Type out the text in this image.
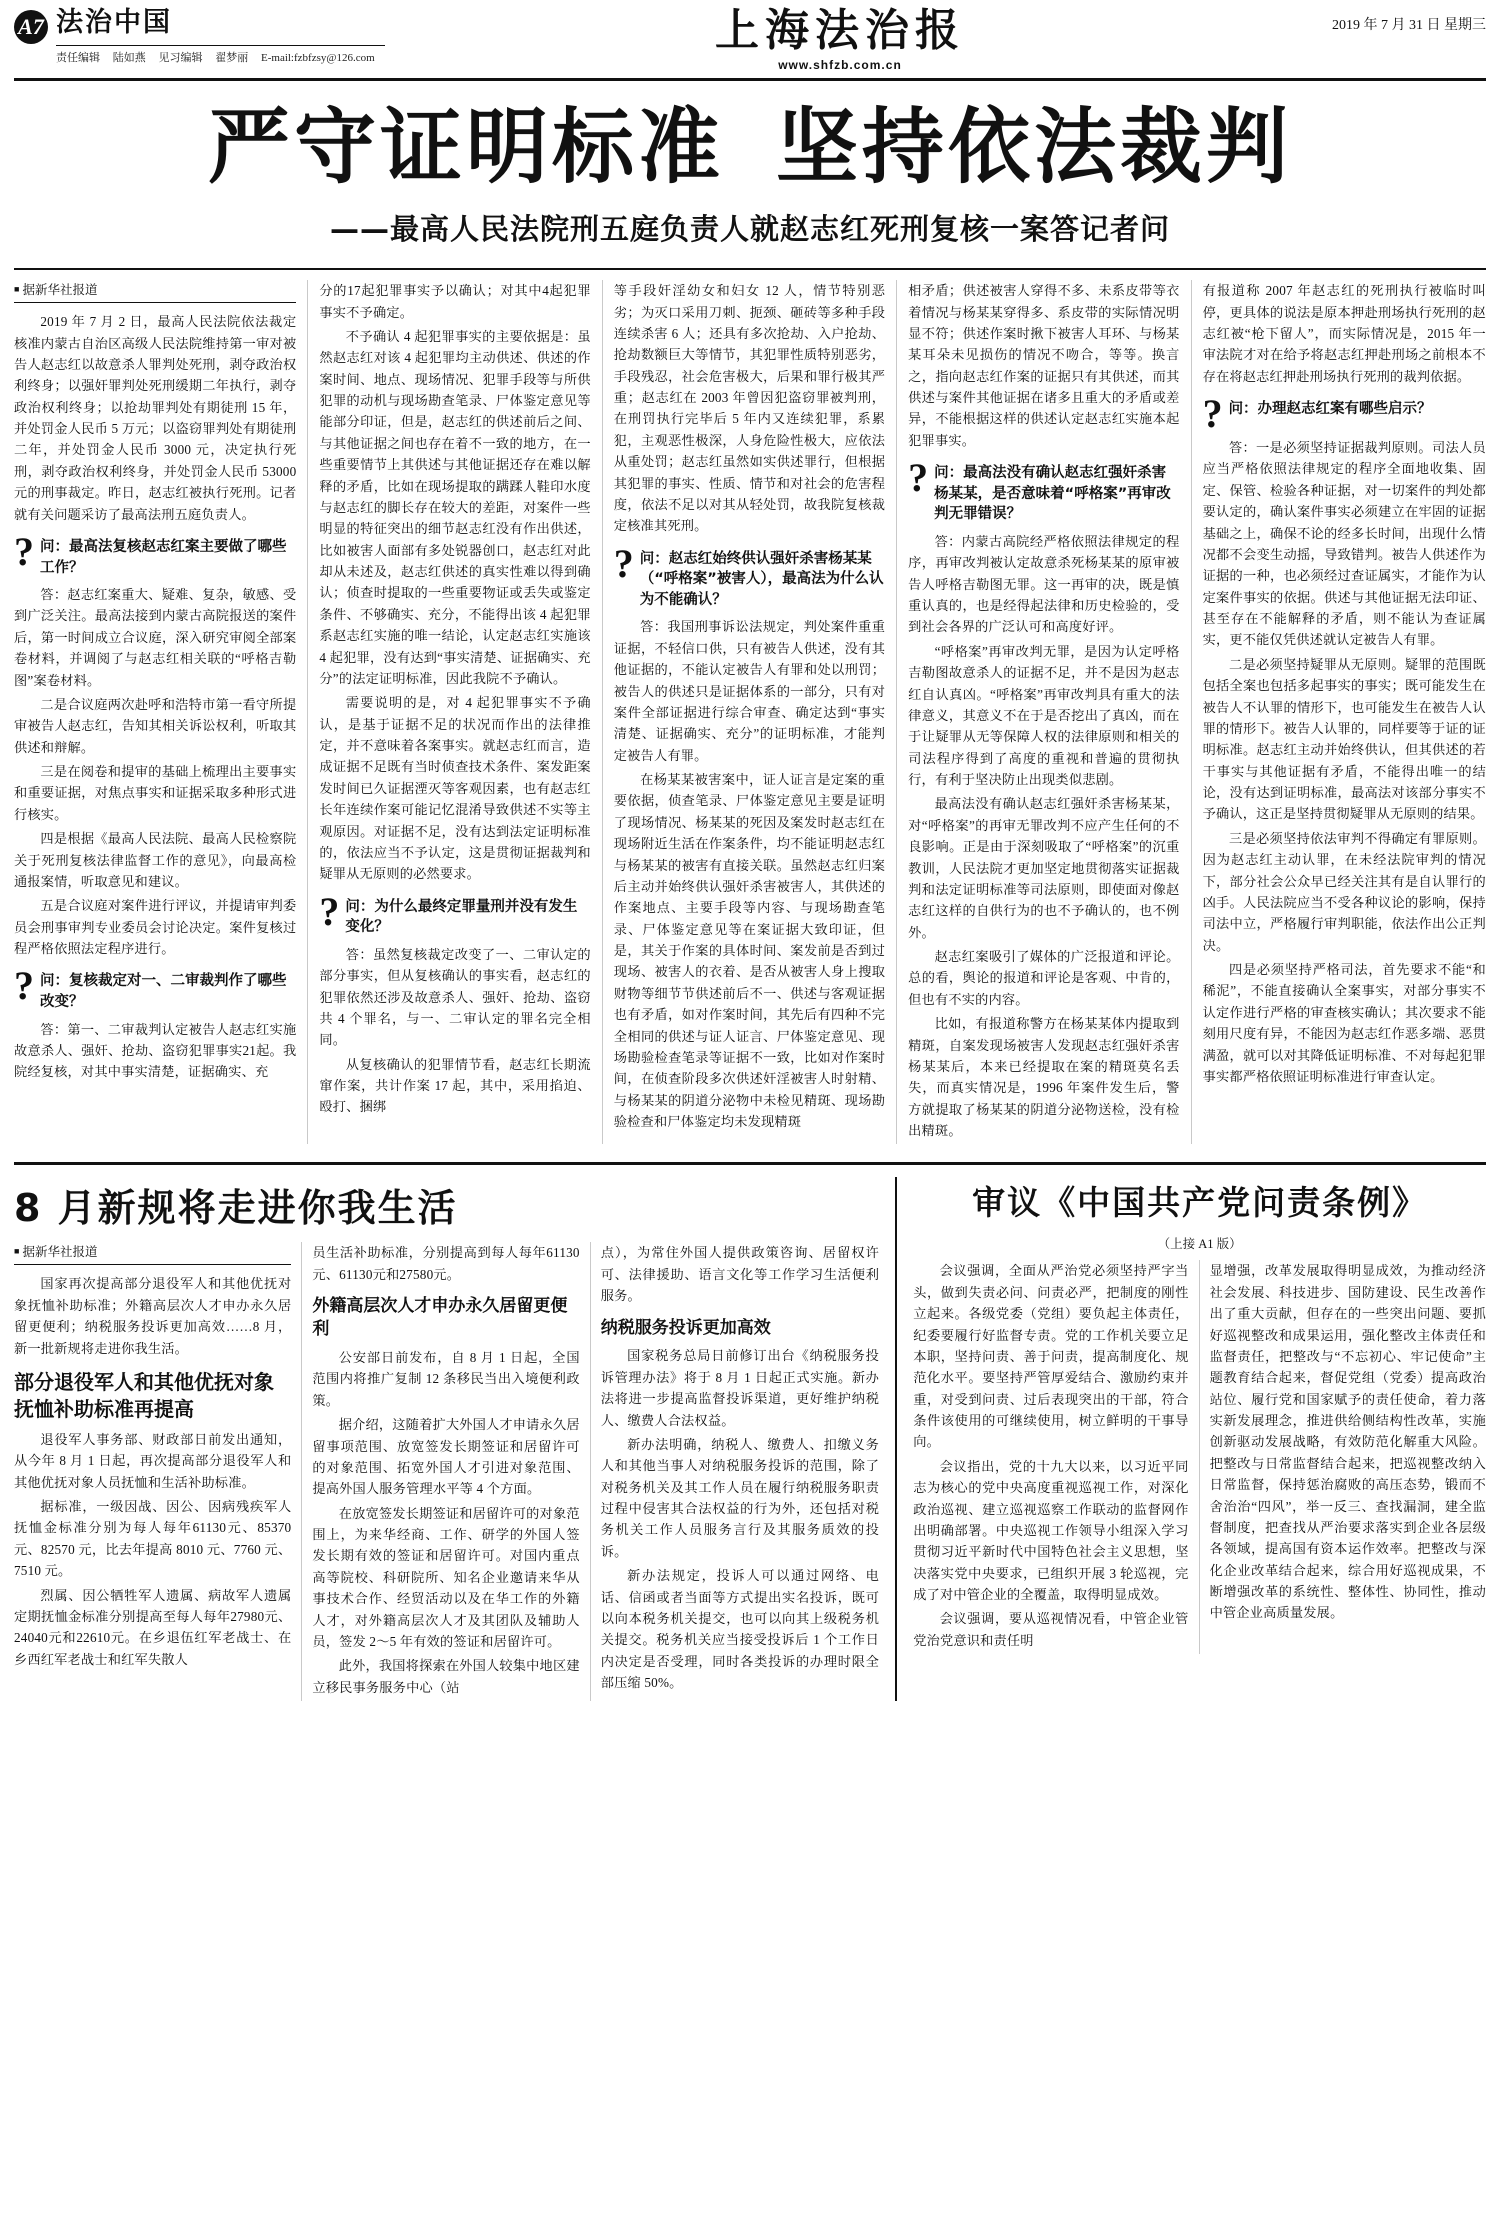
A7 法治中国
责任编辑 陆如燕 见习编辑 翟梦丽 E-mail:fzbfzsy@126.com
上海法治报
www.shfzb.com.cn
2019 年 7 月 31 日 星期三
严守证明标准 坚持依法裁判
——最高人民法院刑五庭负责人就赵志红死刑复核一案答记者问
■ 据新华社报道

2019 年 7 月 2 日，最高人民法院依法裁定核准内蒙古自治区高级人民法院维持第一审对被告人赵志红以故意杀人罪判处死刑，剥夺政治权利终身；以强奸罪判处死刑缓期二年执行，剥夺政治权利终身；以抢劫罪判处有期徒刑 15 年，并处罚金人民币 5 万元；以盗窃罪判处有期徒刑二年，并处罚金人民币 3000 元，决定执行死刑，剥夺政治权利终身，并处罚金人民币 53000 元的刑事裁定。昨日，赵志红被执行死刑。记者就有关问题采访了最高法刑五庭负责人。

? 问：最高法复核赵志红案主要做了哪些工作？

答：赵志红案重大、疑难、复杂，敏感、受到广泛关注。最高法接到内蒙古高院报送的案件后，第一时间成立合议庭，深入研究审阅全部案卷材料，并调阅了与赵志红相关联的“呼格吉勒图”案卷材料。

二是合议庭两次赴呼和浩特市第一看守所提审被告人赵志红，告知其相关诉讼权利，听取其供述和辩解。

三是在阅卷和提审的基础上梳理出主要事实和重要证据，对焦点事实和证据采取多种形式进行核实。

四是根据《最高人民法院、最高人民检察院关于死刑复核法律监督工作的意见》，向最高检通报案情，听取意见和建议。

五是合议庭对案件进行评议，并提请审判委员会刑事审判专业委员会讨论决定。案件复核过程严格依照法定程序进行。

? 问：复核裁定对一、二审裁判作了哪些改变？

答：第一、二审裁判认定被告人赵志红实施故意杀人、强奸、抢劫、盗窃犯罪事实21起。我院经复核，对其中事实清楚，证据确实、充

分的17起犯罪事实予以确认；对其中4起犯罪事实不予确定。

不予确认 4 起犯罪事实的主要依据是：虽然赵志红对该 4 起犯罪均主动供述、供述的作案时间、地点、现场情况、犯罪手段等与所供犯罪的动机与现场勘查笔录、尸体鉴定意见等能部分印证，但是，赵志红的供述前后之间、与其他证据之间也存在着不一致的地方，在一些重要情节上其供述与其他证据还存在难以解释的矛盾，比如在现场提取的蹒蹂人鞋印水度与赵志红的脚长存在较大的差距，对案件一些明显的特征突出的细节赵志红没有作出供述，比如被害人面部有多处锐器创口，赵志红对此却从未述及，赵志红供述的真实性难以得到确认；侦查时提取的一些重要物证或丢失或鉴定条件、不够确实、充分，不能得出该 4 起犯罪系赵志红实施的唯一结论，认定赵志红实施该 4 起犯罪，没有达到“事实清楚、证据确实、充分”的法定证明标准，因此我院不予确认。

需要说明的是，对 4 起犯罪事实不予确认，是基于证据不足的状况而作出的法律推定，并不意味着各案事实。就赵志红而言，造成证据不足既有当时侦查技术条件、案发距案发时间已久证据湮灭等客观因素，也有赵志红长年连续作案可能记忆混淆导致供述不实等主观原因。对证据不足，没有达到法定证明标准的，依法应当不予认定，这是贯彻证据裁判和疑罪从无原则的必然要求。

? 问：为什么最终定罪量刑并没有发生变化？

答：虽然复核裁定改变了一、二审认定的部分事实，但从复核确认的事实看，赵志红的犯罪依然还涉及故意杀人、强奸、抢劫、盗窃共 4 个罪名，与一、二审认定的罪名完全相同。

从复核确认的犯罪情节看，赵志红长期流窜作案，共计作案 17 起，其中，采用掐迫、殴打、捆绑

等手段奸淫幼女和妇女 12 人，情节特别恶劣；为灭口采用刀刺、扼颈、砸砖等多种手段连续杀害 6 人；还具有多次抢劫、入户抢劫、抢劫数额巨大等情节，其犯罪性质特别恶劣，手段残忍，社会危害极大，后果和罪行极其严重；赵志红在 2003 年曾因犯盗窃罪被判刑，在刑罚执行完毕后 5 年内又连续犯罪，系累犯，主观恶性极深，人身危险性极大，应依法从重处罚；赵志红虽然如实供述罪行，但根据其犯罪的事实、性质、情节和对社会的危害程度，依法不足以对其从轻处罚，故我院复核裁定核准其死刑。

? 问：赵志红始终供认强奸杀害杨某某（“呼格案”被害人），最高法为什么认为不能确认？

答：我国刑事诉讼法规定，判处案件重重证据，不轻信口供，只有被告人供述，没有其他证据的，不能认定被告人有罪和处以刑罚；被告人的供述只是证据体系的一部分，只有对案件全部证据进行综合审查、确定达到“事实清楚、证据确实、充分”的证明标准，才能判定被告人有罪。

在杨某某被害案中，证人证言是定案的重要依据，侦查笔录、尸体鉴定意见主要是证明了现场情况、杨某某的死因及案发时赵志红在现场附近生活在作案条件，均不能证明赵志红与杨某某的被害有直接关联。虽然赵志红归案后主动并始终供认强奸杀害被害人，其供述的作案地点、主要手段等内容、与现场勘查笔录、尸体鉴定意见等在案证据大致印证，但是，其关于作案的具体时间、案发前是否到过现场、被害人的衣着、是否从被害人身上搜取财物等细节节供述前后不一、供述与客观证据也有矛盾，如对作案时间，其先后有四种不完全相同的供述与证人证言、尸体鉴定意见、现场勘验检查笔录等证据不一致，比如对作案时间，在侦查阶段多次供述奸淫被害人时射精、与杨某某的阴道分泌物中未检见精斑、现场勘验检查和尸体鉴定均未发现精斑

相矛盾；供述被害人穿得不多、未系皮带等衣着情况与杨某某穿得多、系皮带的实际情况明显不符；供述作案时揪下被害人耳环、与杨某某耳朵未见损伤的情况不吻合，等等。换言之，指向赵志红作案的证据只有其供述，而其供述与案件其他证据在诸多且重大的矛盾或差异，不能根据这样的供述认定赵志红实施本起犯罪事实。

? 问：最高法没有确认赵志红强奸杀害杨某某，是否意味着“呼格案”再审改判无罪错误？

答：内蒙古高院经严格依照法律规定的程序，再审改判被认定故意杀死杨某某的原审被告人呼格吉勒图无罪。这一再审的决，既是慎重认真的，也是经得起法律和历史检验的，受到社会各界的广泛认可和高度好评。

“呼格案”再审改判无罪，是因为认定呼格吉勒图故意杀人的证据不足，并不是因为赵志红自认真凶。“呼格案”再审改判具有重大的法律意义，其意义不在于是否挖出了真凶，而在于让疑罪从无等保障人权的法律原则和相关的司法程序得到了高度的重视和普遍的贯彻执行，有利于坚决防止出现类似悲剧。

最高法没有确认赵志红强奸杀害杨某某，对“呼格案”的再审无罪改判不应产生任何的不良影响。正是由于深刻吸取了“呼格案”的沉重教训，人民法院才更加坚定地贯彻落实证据裁判和法定证明标准等司法原则，即使面对像赵志红这样的自供行为的也不予确认的，也不例外。

赵志红案吸引了媒体的广泛报道和评论。总的看，舆论的报道和评论是客观、中肯的，但也有不实的内容。

比如，有报道称警方在杨某某体内提取到精斑，自案发现场被害人发现赵志红强奸杀害杨某某后，本来已经提取在案的精斑莫名丢失，而真实情况是，1996 年案件发生后，警方就提取了杨某某的阴道分泌物送检，没有检出精斑。

有报道称 2007 年赵志红的死刑执行被临时叫停，更具体的说法是原本押赴刑场执行死刑的赵志红被“枪下留人”，而实际情况是，2015 年一审法院才对在给予将赵志红押赴刑场之前根本不存在将赵志红押赴刑场执行死刑的裁判依据。

? 问：办理赵志红案有哪些启示？

答：一是必须坚持证据裁判原则。司法人员应当严格依照法律规定的程序全面地收集、固定、保管、检验各种证据，对一切案件的判处都要认定的，确认案件事实必须建立在牢固的证据基础之上，确保不论的经多长时间，出现什么情况都不会变生动摇，导致错判。被告人供述作为证据的一种，也必须经过查证属实，才能作为认定案件事实的依据。供述与其他证据无法印证、甚至存在不能解释的矛盾，则不能认为查证属实，更不能仅凭供述就认定被告人有罪。

二是必须坚持疑罪从无原则。疑罪的范围既包括全案也包括多起事实的事实；既可能发生在被告人不认罪的情形下，也可能发生在被告人认罪的情形下。被告人认罪的，同样要等于证的证明标准。赵志红主动并始终供认，但其供述的若干事实与其他证据有矛盾，不能得出唯一的结论，没有达到证明标准，最高法对该部分事实不予确认，这正是坚持贯彻疑罪从无原则的结果。

三是必须坚持依法审判不得确定有罪原则。因为赵志红主动认罪，在未经法院审判的情况下，部分社会公众早已经关注其有是自认罪行的凶手。人民法院应当不受各种议论的影响，保持司法中立，严格履行审判职能，依法作出公正判决。

四是必须坚持严格司法，首先要求不能“和稀泥”，不能直接确认全案事实，对部分事实不认定作进行严格的审查核实确认；其次要求不能刻用尺度有异，不能因为赵志红作恶多端、恶贯满盈，就可以对其降低证明标准、不对每起犯罪事实都严格依照证明标准进行审查认定。

8 月新规将走进你我生活
■ 据新华社报道

国家再次提高部分退役军人和其他优抚对象抚恤补助标准；外籍高层次人才申办永久居留更便利；纳税服务投诉更加高效……8 月，新一批新规将走进你我生活。

部分退役军人和其他优抚对象抚恤补助标准再提高

退役军人事务部、财政部日前发出通知，从今年 8 月 1 日起，再次提高部分退役军人和其他优抚对象人员抚恤和生活补助标准。

据标准，一级因战、因公、因病残疾军人抚恤金标准分别为每人每年61130元、85370 元、82570 元，比去年提高 8010 元、7760 元、7510 元。

烈属、因公牺牲军人遗属、病故军人遗属定期抚恤金标准分别提高至每人每年27980元、24040元和22610元。在乡退伍红军老战士、在乡西红军老战士和红军失散人

员生活补助标准，分别提高到每人每年61130元、61130元和27580元。

外籍高层次人才申办永久居留更便利

公安部日前发布，自 8 月 1 日起，全国范围内将推广复制 12 条移民当出入境便利政策。

据介绍，这随着扩大外国人才申请永久居留事项范围、放宽签发长期签证和居留许可的对象范围、拓宽外国人才引进对象范围、提高外国人服务管理水平等 4 个方面。

在放宽签发长期签证和居留许可的对象范围上，为来华经商、工作、研学的外国人签发长期有效的签证和居留许可。对国内重点高等院校、科研院所、知名企业邀请来华从事技术合作、经贸活动以及在华工作的外籍人才，对外籍高层次人才及其团队及辅助人员，签发 2～5 年有效的签证和居留许可。

此外，我国将探索在外国人较集中地区建立移民事务服务中心（站

点），为常住外国人提供政策咨询、居留权许可、法律援助、语言文化等工作学习生活便利服务。

纳税服务投诉更加高效

国家税务总局日前修订出台《纳税服务投诉管理办法》将于 8 月 1 日起正式实施。新办法将进一步提高监督投诉渠道，更好维护纳税人、缴费人合法权益。

新办法明确，纳税人、缴费人、扣缴义务人和其他当事人对纳税服务投诉的范围，除了对税务机关及其工作人员在履行纳税服务职责过程中侵害其合法权益的行为外，还包括对税务机关工作人员服务言行及其服务质效的投诉。

新办法规定，投诉人可以通过网络、电话、信函或者当面等方式提出实名投诉，既可以向本税务机关提交，也可以向其上级税务机关提交。税务机关应当接受投诉后 1 个工作日内决定是否受理，同时各类投诉的办理时限全部压缩 50%。

审议《中国共产党问责条例》
（上接 A1 版）

会议强调，全面从严治党必须坚持严字当头，做到失责必问、问责必严，把制度的刚性立起来。各级党委（党组）要负起主体责任，纪委要履行好监督专责。党的工作机关要立足本职，坚持问责、善于问责，提高制度化、规范化水平。要坚持严管厚爱结合、激励约束并重，对受到问责、过后表现突出的干部，符合条件该使用的可继续使用，树立鲜明的干事导向。

会议指出，党的十九大以来，以习近平同志为核心的党中央高度重视巡视工作，对深化政治巡视、建立巡视巡察工作联动的监督网作出明确部署。中央巡视工作领导小组深入学习贯彻习近平新时代中国特色社会主义思想，坚决落实党中央要求，已组织开展 3 轮巡视，完成了对中管企业的全覆盖，取得明显成效。

会议强调，要从巡视情况看，中管企业管党治党意识和责任明

显增强，改革发展取得明显成效，为推动经济社会发展、科技进步、国防建设、民生改善作出了重大贡献，但存在的一些突出问题、要抓好巡视整改和成果运用，强化整改主体责任和监督责任，把整改与“不忘初心、牢记使命”主题教育结合起来，督促党组（党委）提高政治站位、履行党和国家赋予的责任使命，着力落实新发展理念，推进供给侧结构性改革，实施创新驱动发展战略，有效防范化解重大风险。把整改与日常监督结合起来，把巡视整改纳入日常监督，保持惩治腐败的高压态势，锻而不舍治治“四风”，举一反三、查找漏洞，建全监督制度，把查找从严治要求落实到企业各层级各领域，提高国有资本运作效率。把整改与深化企业改革结合起来，综合用好巡视成果，不断增强改革的系统性、整体性、协同性，推动中管企业高质量发展。
